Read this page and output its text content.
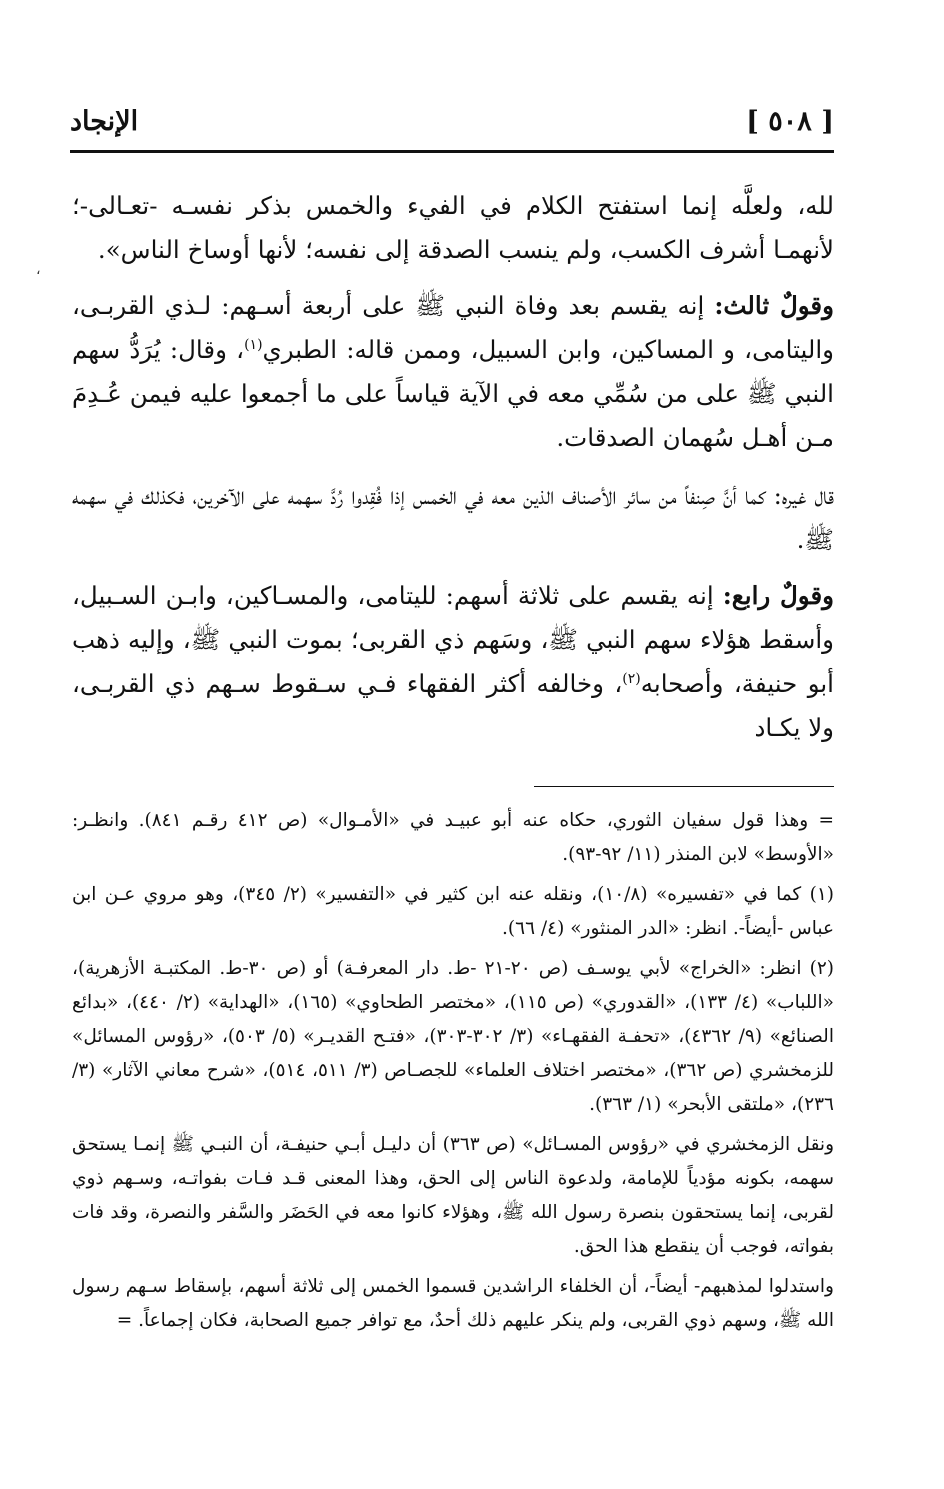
[ ٥٠٨ ]
الإنجاد
،

لله، ولعلَّه إنما استفتح الكلام في الفيء والخمس بذكر نفسـه -تعـالى-؛ لأنهمـا أشرف الكسب، ولم ينسب الصدقة إلى نفسه؛ لأنها أوساخ الناس».

وقولٌ ثالث: إنه يقسم بعد وفاة النبي ﷺ على أربعة أسـهم: لـذي القربـى، واليتامى، و المساكين، وابن السبيل، وممن قاله: الطبري$^{(١)}$، وقال: يُرَدُّ سهم النبي ﷺ على من سُمِّي معه في الآية قياساً على ما أجمعوا عليه فيمن عُـدِمَ مـن أهـل سُهمان الصدقات.

قال غيره: كما أنَّ صِنفاً من سائر الأصناف الذين معه في الخمس إذا فُقِدوا رُدَّ سهمه على الآخرين، فكذلك في سهمه ﷺ.

وقولٌ رابع: إنه يقسم على ثلاثة أسهم: لليتامى، والمسـاكين، وابـن السـبيل، وأسقط هؤلاء سهم النبي ﷺ، وسَهم ذي القربى؛ بموت النبي ﷺ، وإليه ذهب أبو حنيفة، وأصحابه$^{(٢)}$، وخالفه أكثر الفقهاء فـي سـقوط سـهم ذي القربـى، ولا يكـاد

= وهذا قول سفيان الثوري، حكاه عنه أبو عبيـد في «الأمـوال» (ص ٤١٢ رقـم ٨٤١). وانظـر: «الأوسط» لابن المنذر (١١/ ٩٢-٩٣).

(١) كما في «تفسيره» (١٠/٨)، ونقله عنه ابن كثير في «التفسير» (٢/ ٣٤٥)، وهو مروي عـن ابن عباس -أيضاً-. انظر: «الدر المنثور» (٤/ ٦٦).

(٢) انظر: «الخراج» لأبي يوسـف (ص ٢٠-٢١ -ط. دار المعرفـة) أو (ص ٣٠-ط. المكتبـة الأزهرية)، «اللباب» (٤/ ١٣٣)، «القدوري» (ص ١١٥)، «مختصر الطحاوي» (١٦٥)، «الهداية» (٢/ ٤٤٠)، «بدائع الصنائع» (٩/ ٤٣٦٢)، «تحفـة الفقهـاء» (٣/ ٣٠٢-٣٠٣)، «فتـح القديـر» (٥/ ٥٠٣)، «رؤوس المسائل» للزمخشري (ص ٣٦٢)، «مختصر اختلاف العلماء» للجصـاص (٣/ ٥١١، ٥١٤)، «شرح معاني الآثار» (٣/ ٢٣٦)، «ملتقى الأبحر» (١/ ٣٦٣).

ونقل الزمخشري في «رؤوس المسـائل» (ص ٣٦٣) أن دليـل أبـي حنيفـة، أن النبـي ﷺ إنمـا يستحق سهمه، بكونه مؤدياً للإمامة، ولدعوة الناس إلى الحق، وهذا المعنى قـد فـات بفواتـه، وسـهم ذوي لقربى، إنما يستحقون بنصرة رسول الله ﷺ، وهؤلاء كانوا معه في الحَضَر والسَّفر والنصرة، وقد فات بفواته، فوجب أن ينقطع هذا الحق.

واستدلوا لمذهبهم- أيضاً-، أن الخلفاء الراشدين قسموا الخمس إلى ثلاثة أسهم، بإسقاط سـهم رسول الله ﷺ، وسهم ذوي القربى، ولم ينكر عليهم ذلك أحدٌ، مع توافر جميع الصحابة، فكان إجماعاً. =
